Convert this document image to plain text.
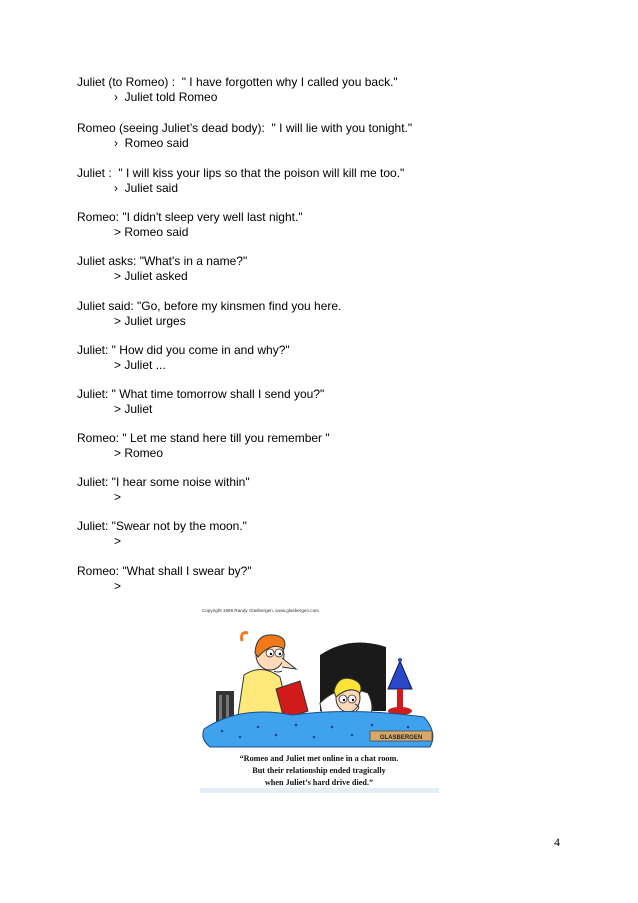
Juliet (to Romeo) :  " I have forgotten why I called you back."
›  Juliet told Romeo
Romeo (seeing Juliet’s dead body):  " I will lie with you tonight."
›  Romeo said
Juliet :  " I will kiss your lips so that the poison will kill me too."
›  Juliet said
Romeo: "I didn't sleep very well last night."
> Romeo said
Juliet asks: "What's in a name?"
> Juliet asked
Juliet said: "Go, before my kinsmen find you here.
> Juliet urges
Juliet: " How did you come in and why?"
> Juliet ...
Juliet: " What time tomorrow shall I send you?"
> Juliet
Romeo: " Let me stand here till you remember "
> Romeo
Juliet: "I hear some noise within"
>
Juliet: "Swear not by the moon."
>
Romeo: "What shall I swear by?"
>
Copyright 1996 Randy Glasbergen. www.glasbergen.com
GLASBERGEN
“Romeo and Juliet met online in a chat room.
But their relationship ended tragically
when Juliet’s hard drive died.”
4
